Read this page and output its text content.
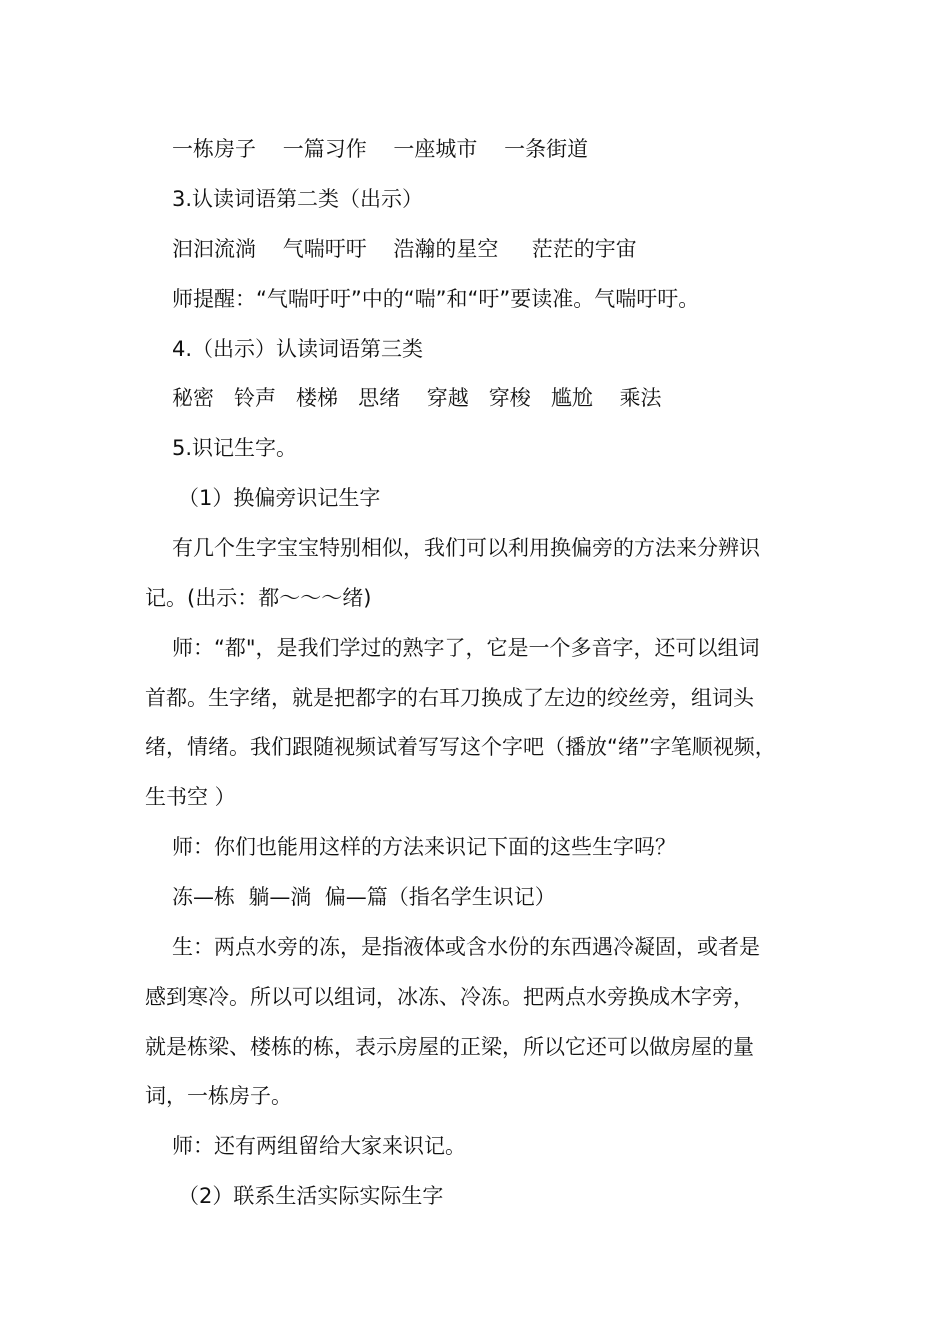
一栋房子    一篇习作    一座城市    一条街道
3.认读词语第二类（出示）
汩汩流淌    气喘吁吁    浩瀚的星空     茫茫的宇宙
师提醒：“气喘吁吁”中的“喘”和“吁”要读准。气喘吁吁。
4.（出示）认读词语第三类
秘密   铃声   楼梯   思绪    穿越   穿梭   尴尬    乘法
5.识记生字。
（1）换偏旁识记生字
有几个生字宝宝特别相似，我们可以利用换偏旁的方法来分辨识
记。(出示：都～～～绪)
师：“都"，是我们学过的熟字了，它是一个多音字，还可以组词
首都。生字绪，就是把都字的右耳刀换成了左边的绞丝旁，组词头
绪，情绪。我们跟随视频试着写写这个字吧（播放“绪”字笔顺视频，
生书空 ）
师：你们也能用这样的方法来识记下面的这些生字吗？
冻—栋  躺—淌  偏—篇（指名学生识记）
生：两点水旁的冻，是指液体或含水份的东西遇冷凝固，或者是
感到寒冷。所以可以组词，冰冻、冷冻。把两点水旁换成木字旁，
就是栋梁、楼栋的栋，表示房屋的正梁，所以它还可以做房屋的量
词，一栋房子。
师：还有两组留给大家来识记。
（2）联系生活实际实际生字
